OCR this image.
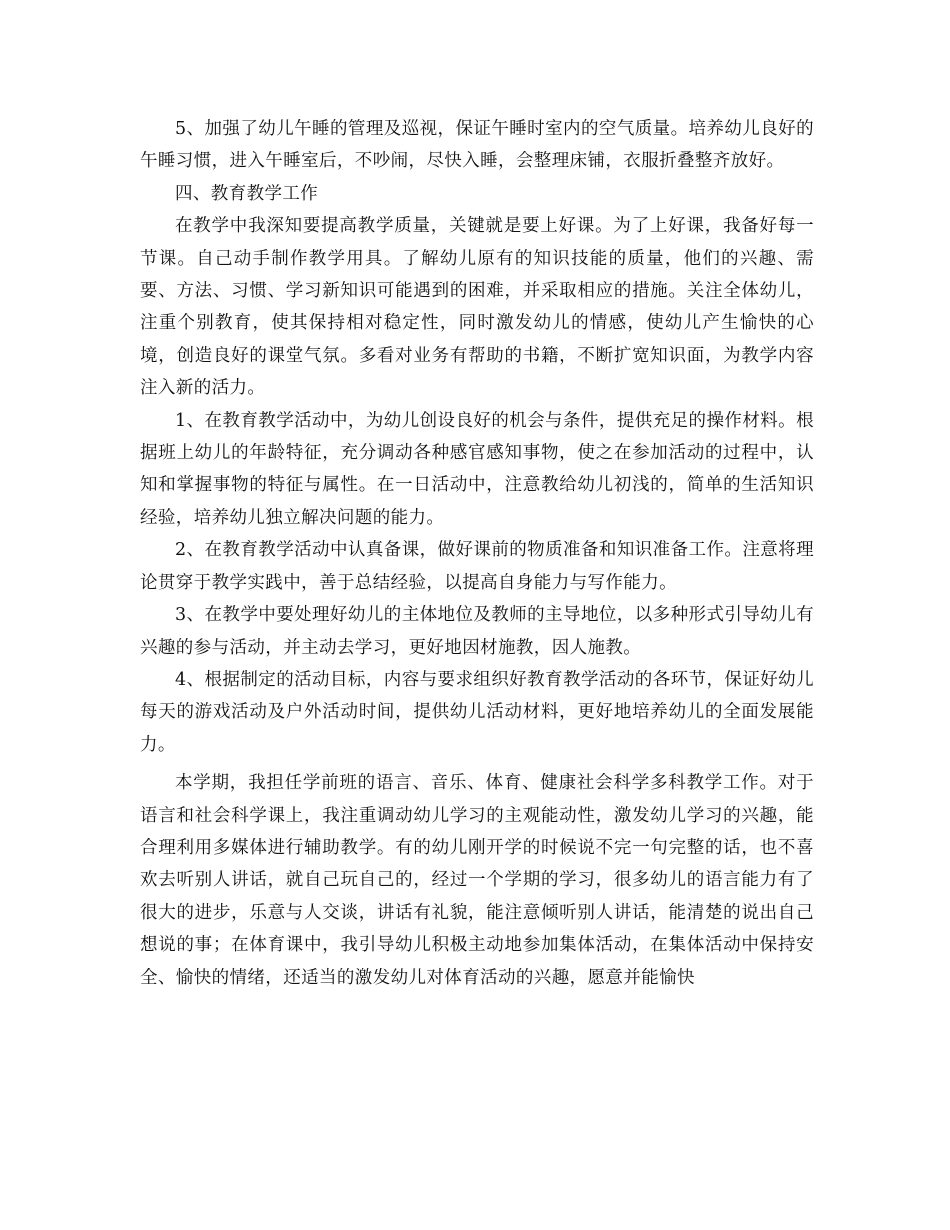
5、加强了幼儿午睡的管理及巡视，保证午睡时室内的空气质量。培养幼儿良好的午睡习惯，进入午睡室后，不吵闹，尽快入睡，会整理床铺，衣服折叠整齐放好。

四、教育教学工作

在教学中我深知要提高教学质量，关键就是要上好课。为了上好课，我备好每一节课。自己动手制作教学用具。了解幼儿原有的知识技能的质量，他们的兴趣、需要、方法、习惯、学习新知识可能遇到的困难，并采取相应的措施。关注全体幼儿，注重个别教育，使其保持相对稳定性，同时激发幼儿的情感，使幼儿产生愉快的心境，创造良好的课堂气氛。多看对业务有帮助的书籍，不断扩宽知识面，为教学内容注入新的活力。

1、在教育教学活动中，为幼儿创设良好的机会与条件，提供充足的操作材料。根据班上幼儿的年龄特征，充分调动各种感官感知事物，使之在参加活动的过程中，认知和掌握事物的特征与属性。在一日活动中，注意教给幼儿初浅的，简单的生活知识经验，培养幼儿独立解决问题的能力。

2、在教育教学活动中认真备课，做好课前的物质准备和知识准备工作。注意将理论贯穿于教学实践中，善于总结经验，以提高自身能力与写作能力。

3、在教学中要处理好幼儿的主体地位及教师的主导地位，以多种形式引导幼儿有兴趣的参与活动，并主动去学习，更好地因材施教，因人施教。

4、根据制定的活动目标，内容与要求组织好教育教学活动的各环节，保证好幼儿每天的游戏活动及户外活动时间，提供幼儿活动材料，更好地培养幼儿的全面发展能力。

本学期，我担任学前班的语言、音乐、体育、健康社会科学多科教学工作。对于语言和社会科学课上，我注重调动幼儿学习的主观能动性，激发幼儿学习的兴趣，能合理利用多媒体进行辅助教学。有的幼儿刚开学的时候说不完一句完整的话，也不喜欢去听别人讲话，就自己玩自己的，经过一个学期的学习，很多幼儿的语言能力有了很大的进步，乐意与人交谈，讲话有礼貌，能注意倾听别人讲话，能清楚的说出自己想说的事；在体育课中，我引导幼儿积极主动地参加集体活动，在集体活动中保持安全、愉快的情绪，还适当的激发幼儿对体育活动的兴趣，愿意并能愉快
